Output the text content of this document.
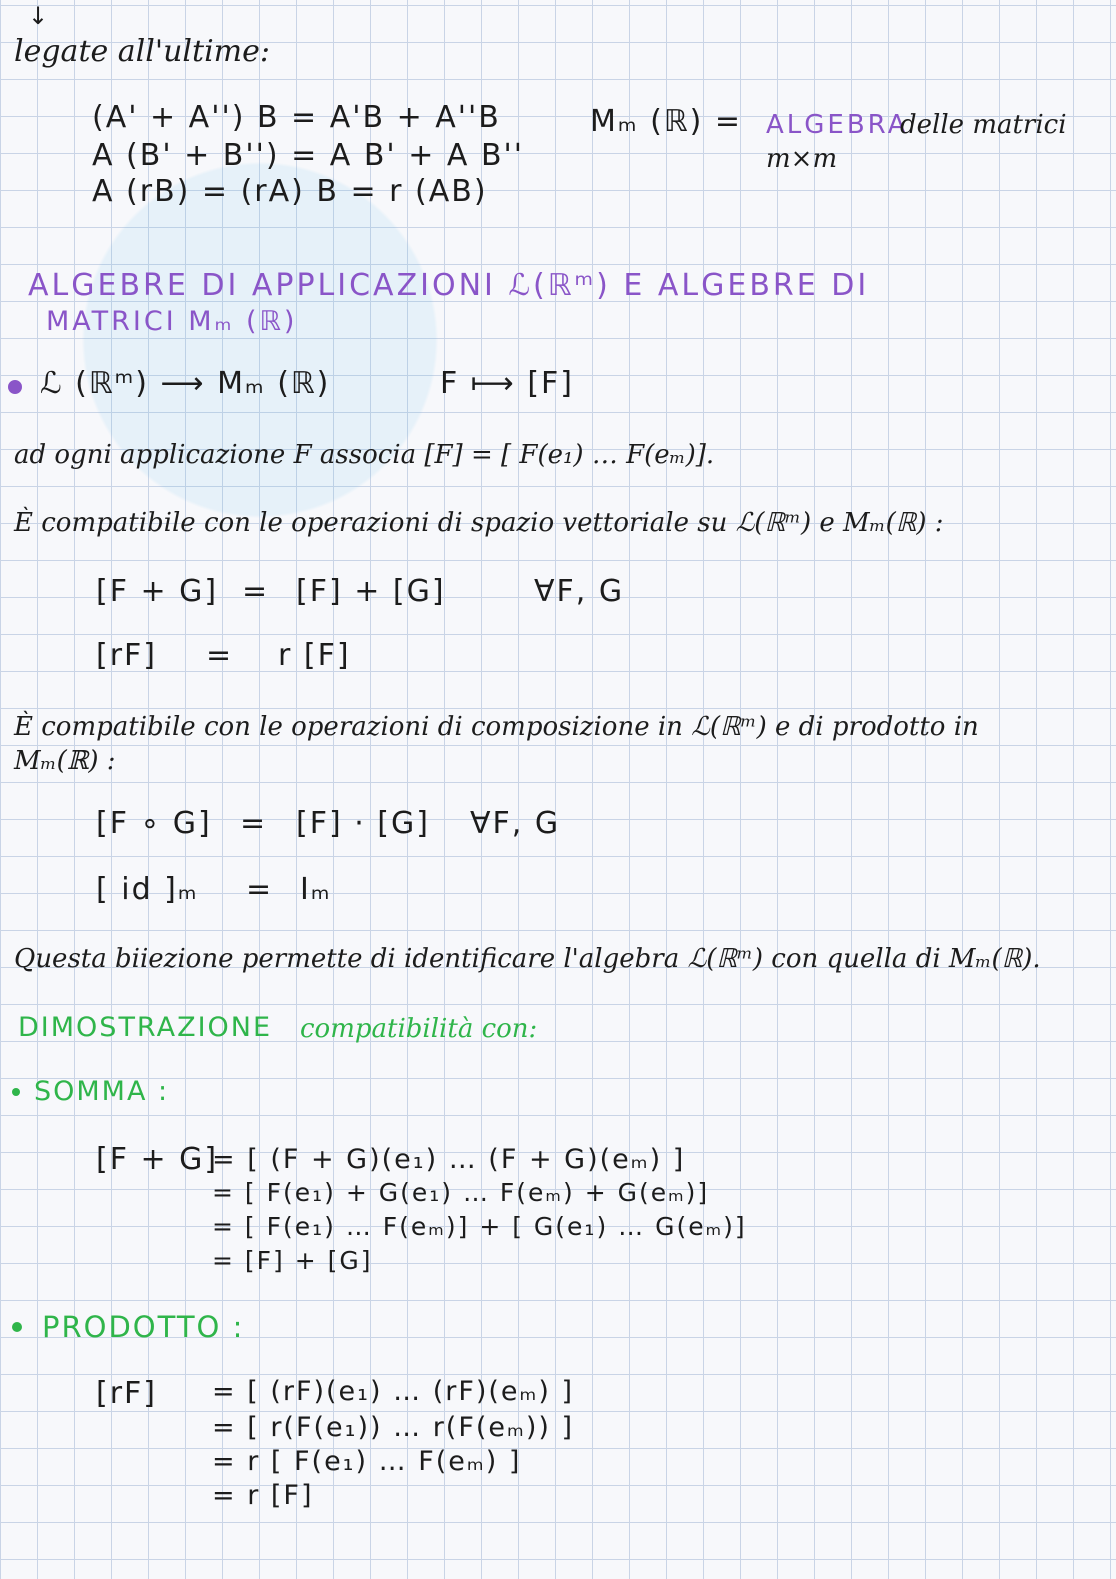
↓
legate all'ultime:
(A' + A'') B = A'B + A''B
A (B' + B'') = A B' + A B''
A (rB) = (rA) B = r (AB)
Mₘ (ℝ) = ALGEBRA
delle matrici
m×m
ALGEBRE DI APPLICAZIONI ℒ(ℝᵐ) E ALGEBRE DI
MATRICI Mₘ (ℝ)
ℒ (ℝᵐ) ⟶ Mₘ (ℝ)	F ⟼ [F]
ad ogni applicazione F associa [F] = [ F(e₁) … F(eₘ)].
È compatibile con le operazioni di spazio vettoriale su ℒ(ℝᵐ) e Mₘ(ℝ) :
[F + G] = [F] + [G]	∀F, G
[rF] = r [F]
È compatibile con le operazioni di composizione in ℒ(ℝᵐ) e di prodotto in
Mₘ(ℝ) :
[F ∘ G] = [F] · [G] ∀F, G
[ id ]ₘ = Iₘ
Questa biiezione permette di identificare l'algebra ℒ(ℝᵐ) con quella di Mₘ(ℝ).
DIMOSTRAZIONE compatibilità con:
SOMMA :
[F + G]
= [ (F + G)(e₁) … (F + G)(eₘ) ]
= [ F(e₁) + G(e₁) … F(eₘ) + G(eₘ)]
= [ F(e₁) … F(eₘ)] + [ G(e₁) … G(eₘ)]
= [F] + [G]
PRODOTTO :
[rF] = [ (rF)(e₁) … (rF)(eₘ) ]
= [ r(F(e₁)) … r(F(eₘ)) ]
= r [ F(e₁) … F(eₘ) ]
= r [F]
